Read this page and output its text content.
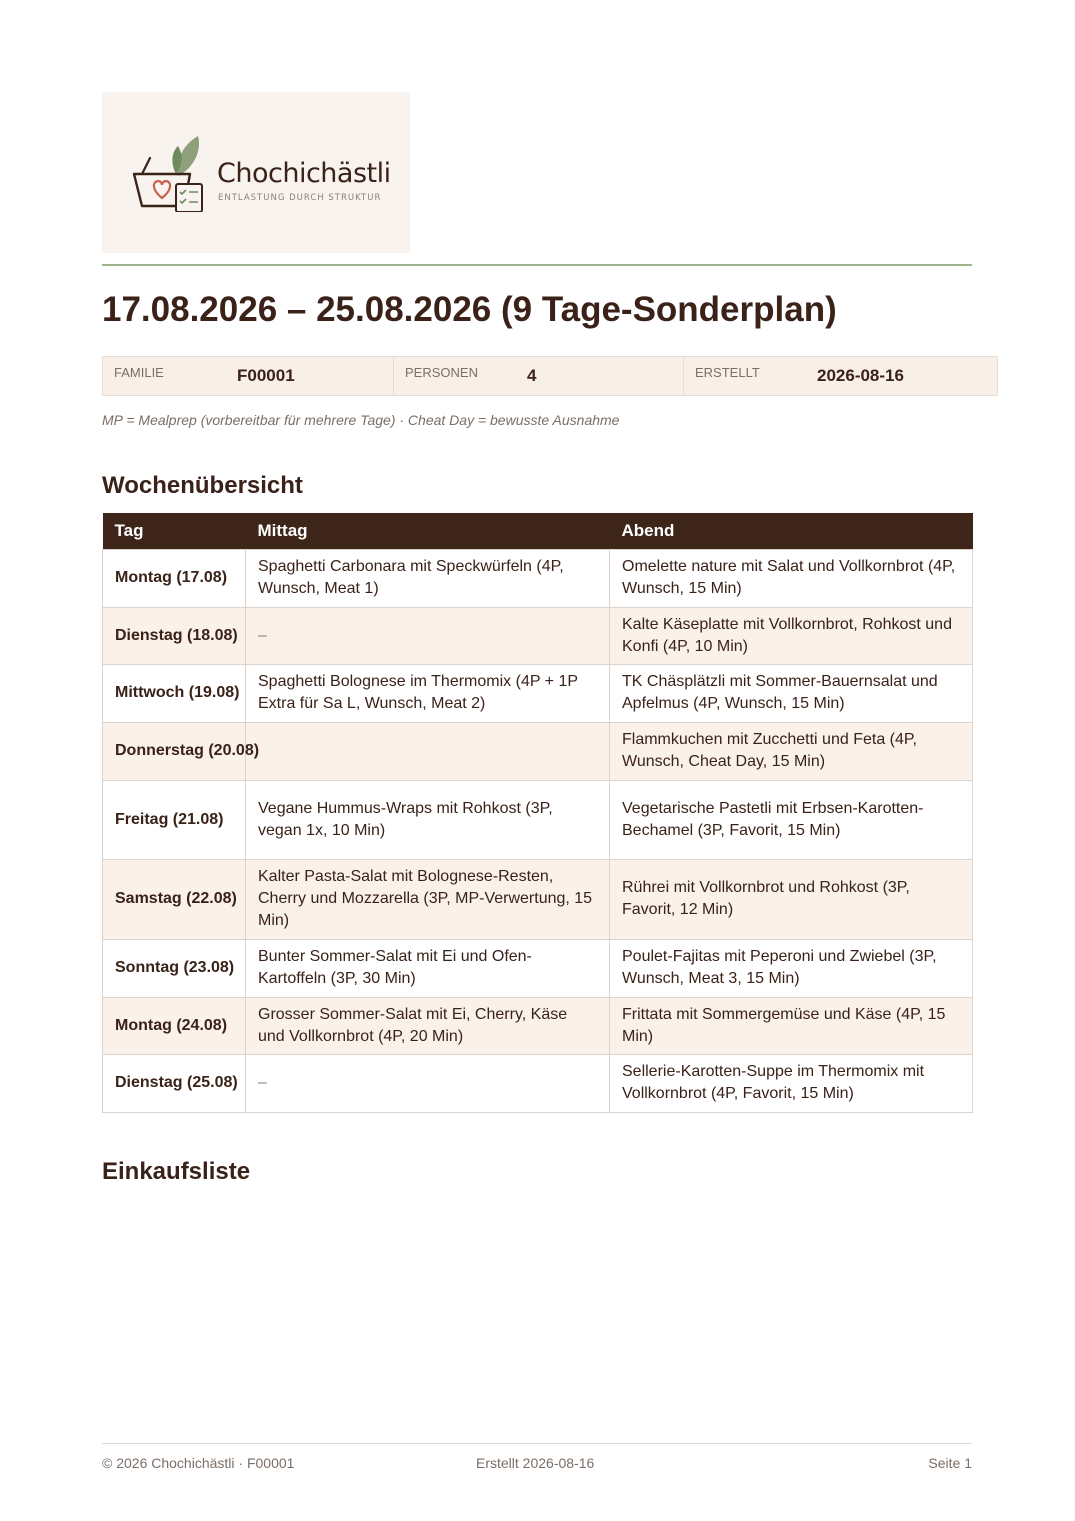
Chochichästli
ENTLASTUNG DURCH STRUKTUR
17.08.2026 – 25.08.2026 (9 Tage-Sonderplan)
FAMILIE	F00001	PERSONEN	4	ERSTELLT	2026-08-16
MP = Mealprep (vorbereitbar für mehrere Tage) · Cheat Day = bewusste Ausnahme
Wochenübersicht
Tag	Mittag	Abend
Montag (17.08)	Spaghetti Carbonara mit Speckwürfeln (4P, Wunsch, Meat 1)	Omelette nature mit Salat und Vollkornbrot (4P, Wunsch, 15 Min)
Dienstag (18.08)	–	Kalte Käseplatte mit Vollkornbrot, Rohkost und Konfi (4P, 10 Min)
Mittwoch (19.08)	Spaghetti Bolognese im Thermomix (4P + 1P Extra für Sa L, Wunsch, Meat 2)	TK Chäsplätzli mit Sommer-Bauernsalat und Apfelmus (4P, Wunsch, 15 Min)
Donnerstag (20.08)		Flammkuchen mit Zucchetti und Feta (4P, Wunsch, Cheat Day, 15 Min)
Freitag (21.08)	Vegane Hummus-Wraps mit Rohkost (3P, vegan 1x, 10 Min)	Vegetarische Pastetli mit Erbsen-Karotten-Bechamel (3P, Favorit, 15 Min)
Samstag (22.08)	Kalter Pasta-Salat mit Bolognese-Resten, Cherry und Mozzarella (3P, MP-Verwertung, 15 Min)	Rührei mit Vollkornbrot und Rohkost (3P, Favorit, 12 Min)
Sonntag (23.08)	Bunter Sommer-Salat mit Ei und Ofen-Kartoffeln (3P, 30 Min)	Poulet-Fajitas mit Peperoni und Zwiebel (3P, Wunsch, Meat 3, 15 Min)
Montag (24.08)	Grosser Sommer-Salat mit Ei, Cherry, Käse und Vollkornbrot (4P, 20 Min)	Frittata mit Sommergemüse und Käse (4P, 15 Min)
Dienstag (25.08)	–	Sellerie-Karotten-Suppe im Thermomix mit Vollkornbrot (4P, Favorit, 15 Min)
Einkaufsliste
© 2026 Chochichästli · F00001	Erstellt 2026-08-16	Seite 1
